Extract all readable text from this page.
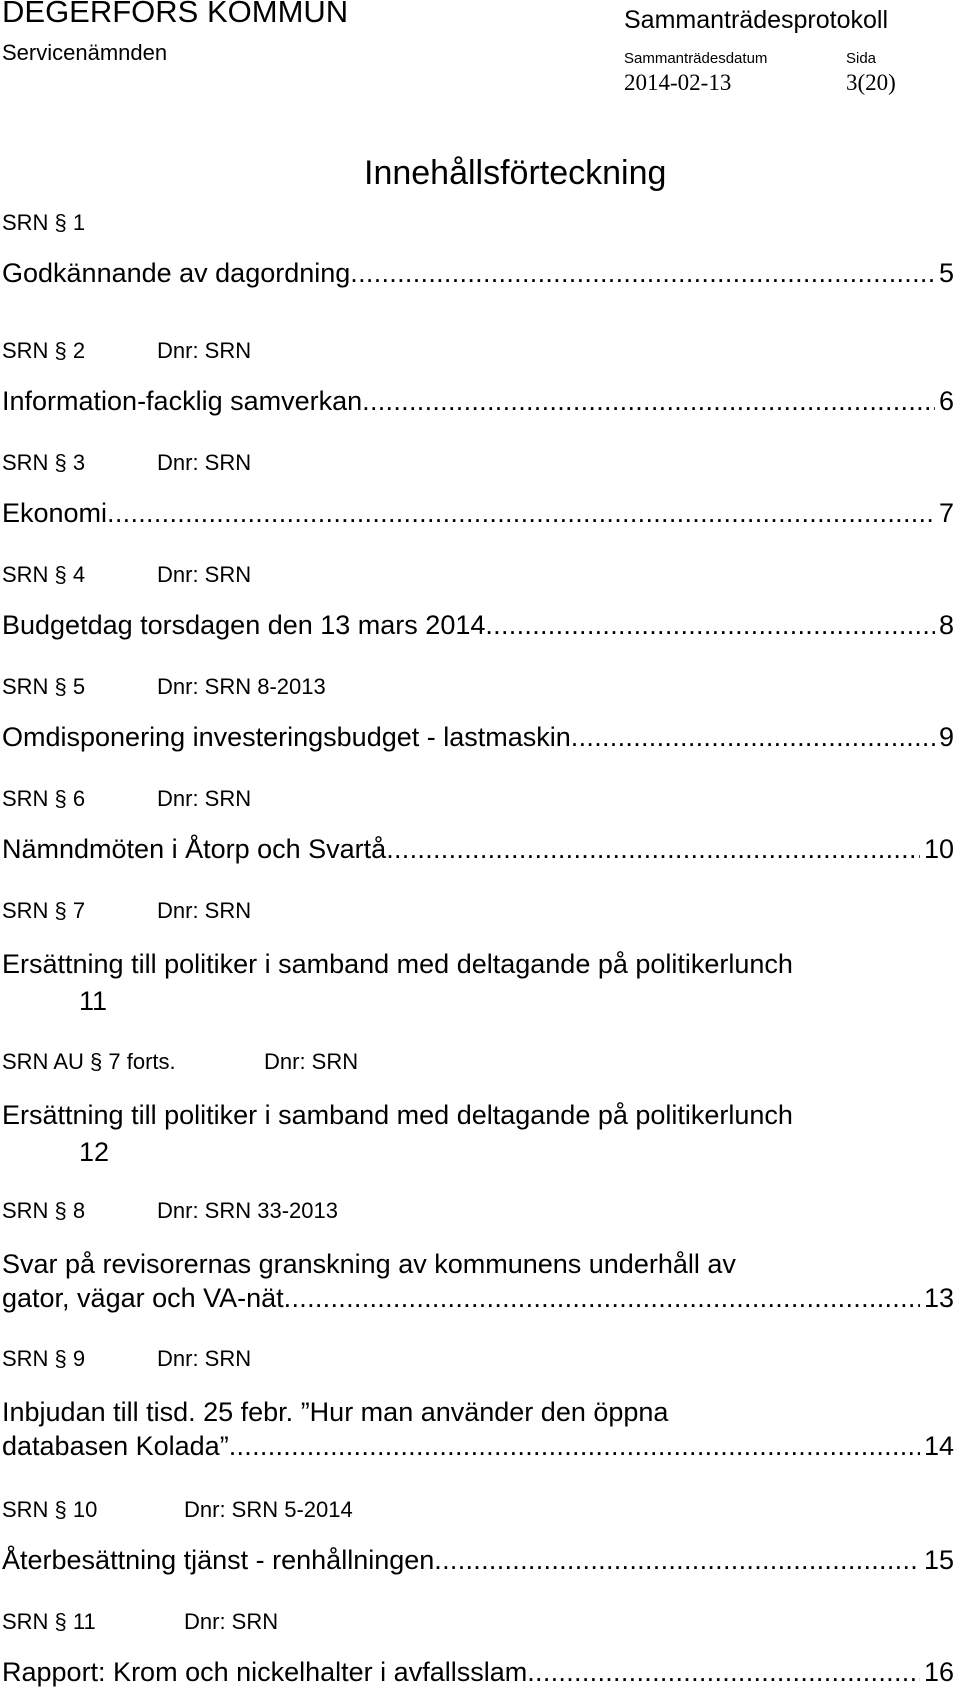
DEGERFORS KOMMUN
Servicenämnden
Sammanträdesprotokoll
Sammanträdesdatum	Sida
2014-02-13	3(20)
Innehållsförteckning
SRN § 1
Godkännande av dagordning . . .	5
SRN § 2	Dnr: SRN
Information-facklig samverkan . . .	6
SRN § 3	Dnr: SRN
Ekonomi . . .	7
SRN § 4	Dnr: SRN
Budgetdag torsdagen den 13 mars 2014 . . .	8
SRN § 5	Dnr: SRN 8-2013
Omdisponering investeringsbudget - lastmaskin . . .	9
SRN § 6	Dnr: SRN
Nämndmöten i Åtorp och Svartå . . .	10
SRN § 7	Dnr: SRN
Ersättning till politiker i samband med deltagande på politikerlunch
11
SRN AU § 7 forts.	Dnr: SRN
Ersättning till politiker i samband med deltagande på politikerlunch
12
SRN § 8	Dnr: SRN 33-2013
Svar på revisorernas granskning av kommunens underhåll av
gator, vägar och VA-nät . . .	13
SRN § 9	Dnr: SRN
Inbjudan till tisd. 25 febr. ”Hur man använder den öppna
databasen Kolada” . . .	14
SRN § 10	Dnr: SRN 5-2014
Återbesättning tjänst - renhållningen . . .	15
SRN § 11	Dnr: SRN
Rapport: Krom och nickelhalter i avfallsslam . . .	16
